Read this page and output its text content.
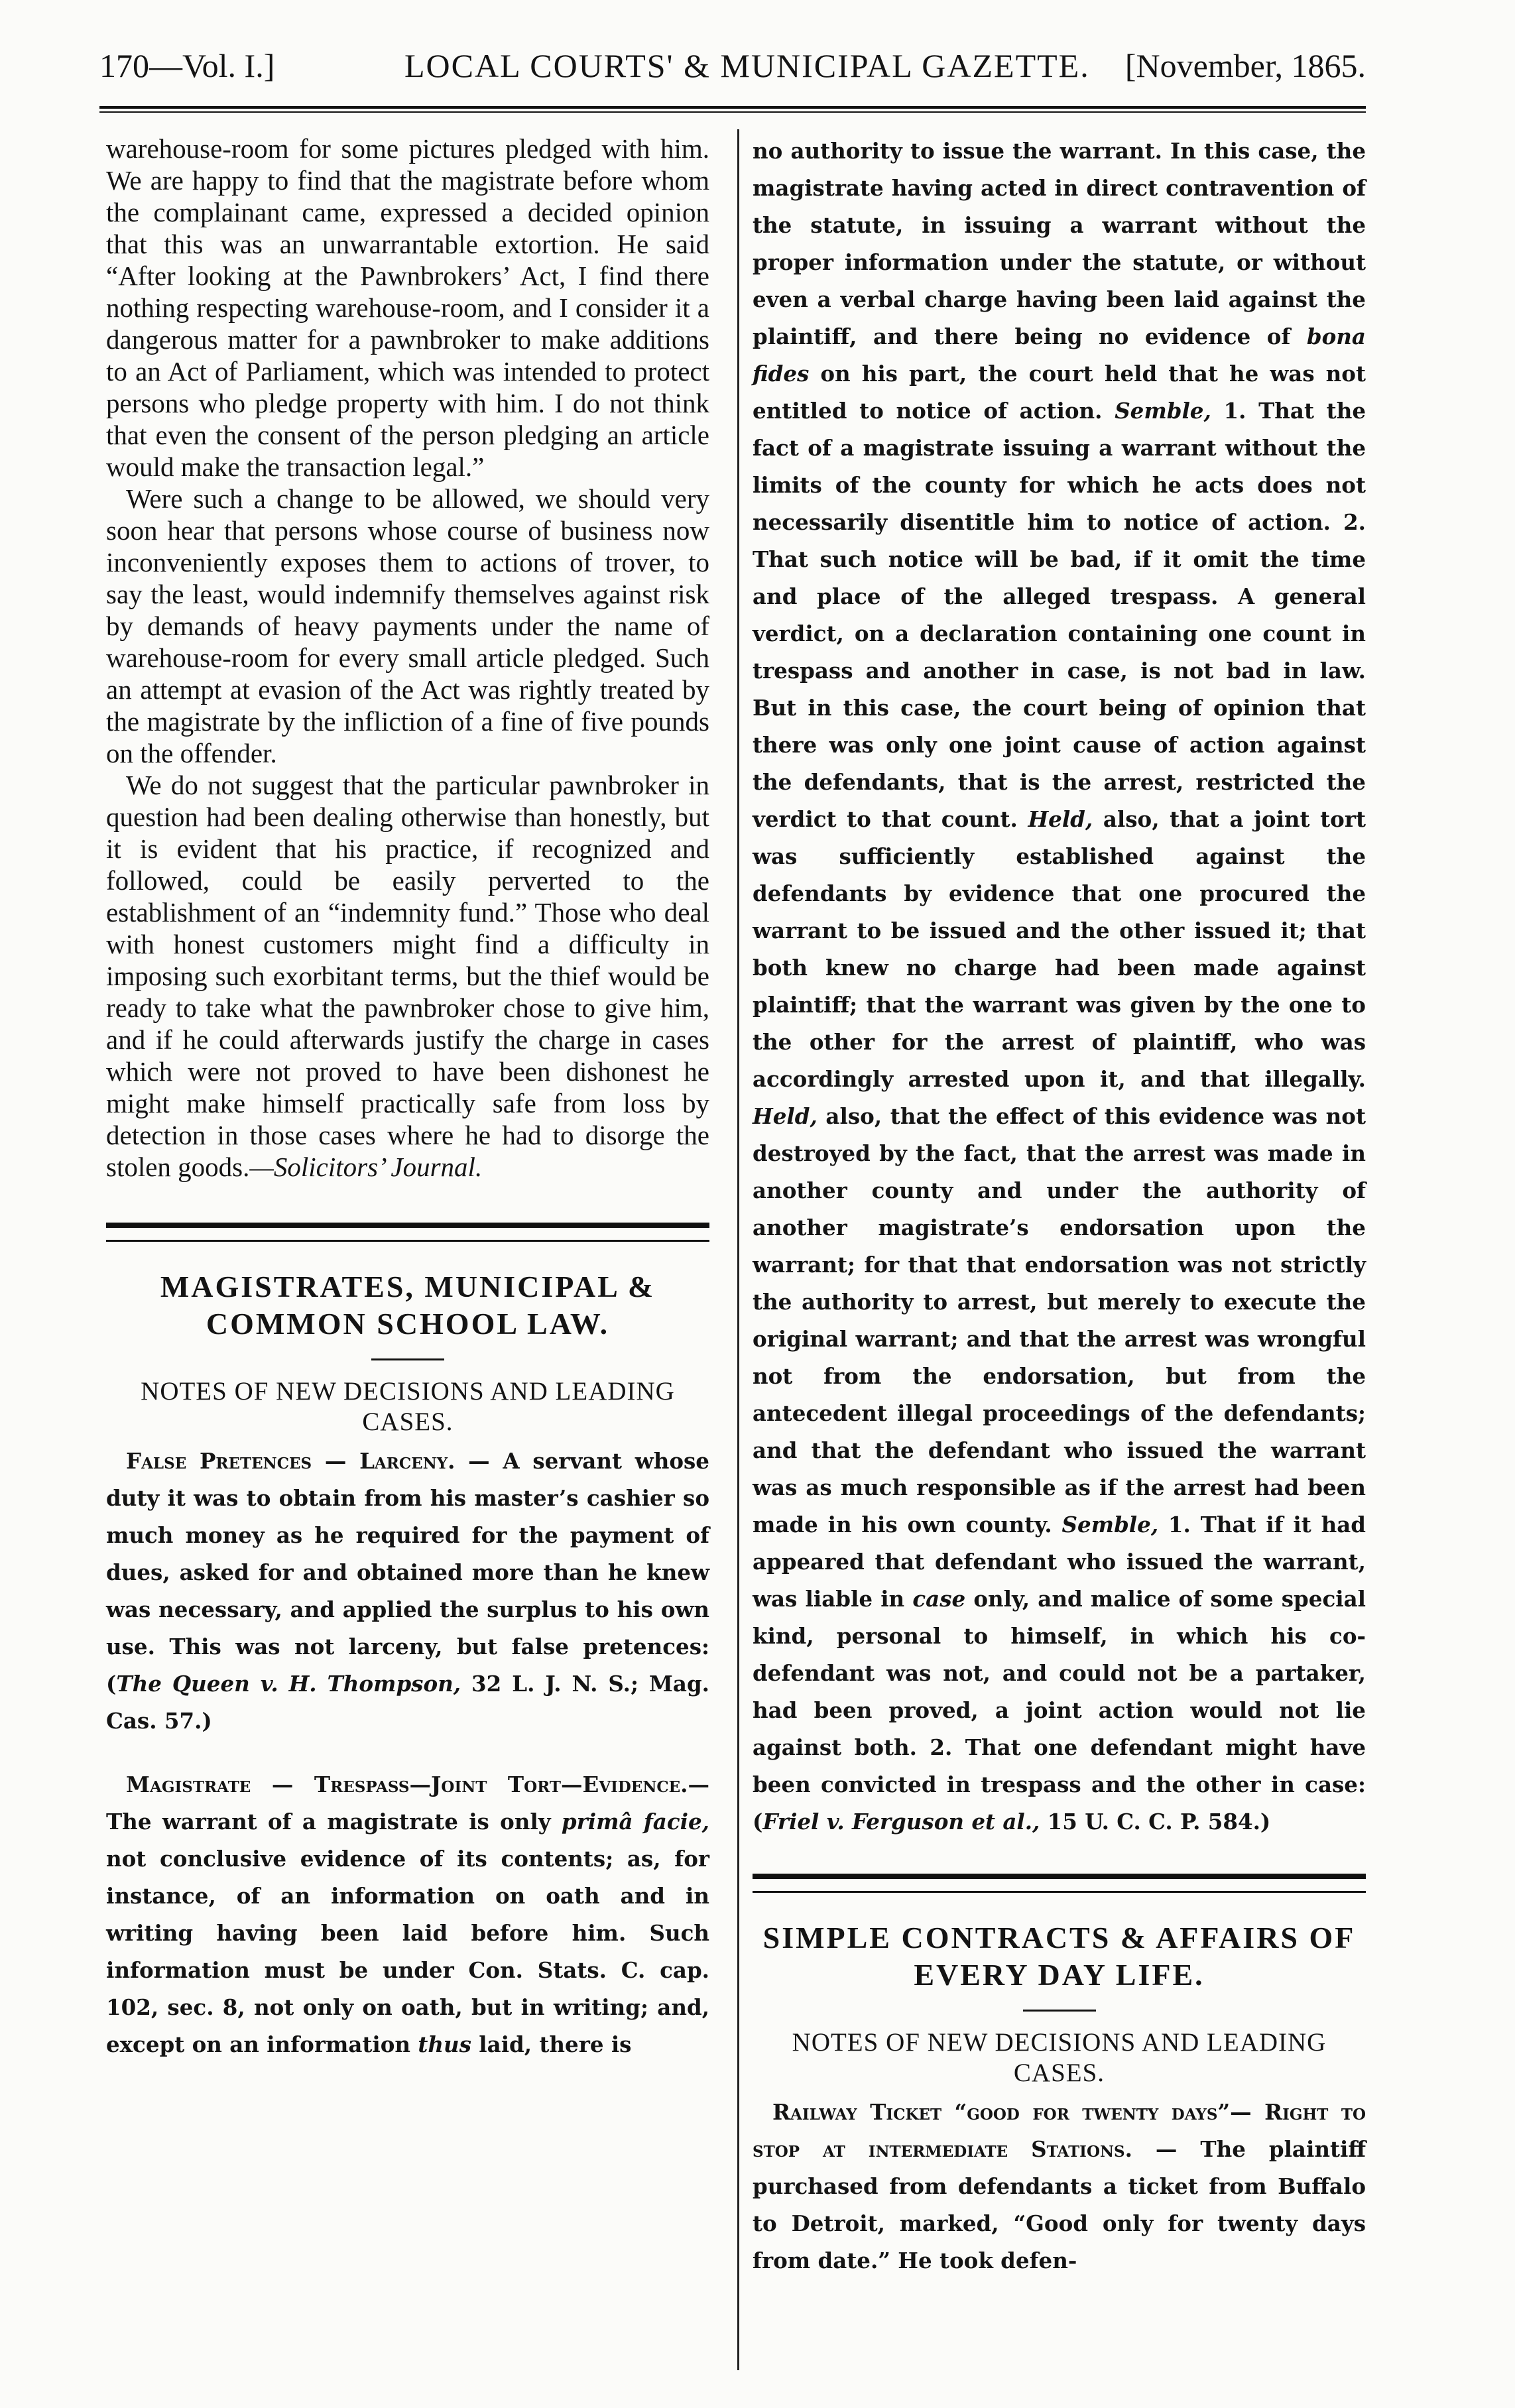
170—Vol. I.]	LOCAL COURTS' & MUNICIPAL GAZETTE. [November, 1865.

warehouse-room for some pictures pledged with him. We are happy to find that the magistrate before whom the complainant came, expressed a decided opinion that this was an unwarrantable extortion. He said “After looking at the Pawnbrokers’ Act, I find there nothing respecting warehouse-room, and I consider it a dangerous matter for a pawnbroker to make additions to an Act of Parliament, which was intended to protect persons who pledge property with him. I do not think that even the consent of the person pledging an article would make the transaction legal.”

Were such a change to be allowed, we should very soon hear that persons whose course of business now inconveniently exposes them to actions of trover, to say the least, would indemnify themselves against risk by demands of heavy payments under the name of warehouse-room for every small article pledged. Such an attempt at evasion of the Act was rightly treated by the magistrate by the infliction of a fine of five pounds on the offender.

We do not suggest that the particular pawnbroker in question had been dealing otherwise than honestly, but it is evident that his practice, if recognized and followed, could be easily perverted to the establishment of an “indemnity fund.” Those who deal with honest customers might find a difficulty in imposing such exorbitant terms, but the thief would be ready to take what the pawnbroker chose to give him, and if he could afterwards justify the charge in cases which were not proved to have been dishonest he might make himself practically safe from loss by detection in those cases where he had to disorge the stolen goods.—Solicitors’ Journal.

MAGISTRATES, MUNICIPAL & COMMON SCHOOL LAW.
NOTES OF NEW DECISIONS AND LEADING CASES.

False Pretences — Larceny. — A servant whose duty it was to obtain from his master’s cashier so much money as he required for the payment of dues, asked for and obtained more than he knew was necessary, and applied the surplus to his own use. This was not larceny, but false pretences: (The Queen v. H. Thompson, 32 L. J. N. S.; Mag. Cas. 57.)

Magistrate — Trespass—Joint Tort—Evidence.—The warrant of a magistrate is only primâ facie, not conclusive evidence of its contents; as, for instance, of an information on oath and in writing having been laid before him. Such information must be under Con. Stats. C. cap. 102, sec. 8, not only on oath, but in writing; and, except on an information thus laid, there is

no authority to issue the warrant. In this case, the magistrate having acted in direct contravention of the statute, in issuing a warrant without the proper information under the statute, or without even a verbal charge having been laid against the plaintiff, and there being no evidence of bona fides on his part, the court held that he was not entitled to notice of action. Semble, 1. That the fact of a magistrate issuing a warrant without the limits of the county for which he acts does not necessarily disentitle him to notice of action. 2. That such notice will be bad, if it omit the time and place of the alleged trespass. A general verdict, on a declaration containing one count in trespass and another in case, is not bad in law. But in this case, the court being of opinion that there was only one joint cause of action against the defendants, that is the arrest, restricted the verdict to that count. Held, also, that a joint tort was sufficiently established against the defendants by evidence that one procured the warrant to be issued and the other issued it; that both knew no charge had been made against plaintiff; that the warrant was given by the one to the other for the arrest of plaintiff, who was accordingly arrested upon it, and that illegally. Held, also, that the effect of this evidence was not destroyed by the fact, that the arrest was made in another county and under the authority of another magistrate’s endorsation upon the warrant; for that that endorsation was not strictly the authority to arrest, but merely to execute the original warrant; and that the arrest was wrongful not from the endorsation, but from the antecedent illegal proceedings of the defendants; and that the defendant who issued the warrant was as much responsible as if the arrest had been made in his own county. Semble, 1. That if it had appeared that defendant who issued the warrant, was liable in case only, and malice of some special kind, personal to himself, in which his co-defendant was not, and could not be a partaker, had been proved, a joint action would not lie against both. 2. That one defendant might have been convicted in trespass and the other in case: (Friel v. Ferguson et al., 15 U. C. C. P. 584.)

SIMPLE CONTRACTS & AFFAIRS OF EVERY DAY LIFE.
NOTES OF NEW DECISIONS AND LEADING CASES.

Railway Ticket “good for twenty days”— Right to stop at intermediate Stations. — The plaintiff purchased from defendants a ticket from Buffalo to Detroit, marked, “Good only for twenty days from date.” He took defen-
